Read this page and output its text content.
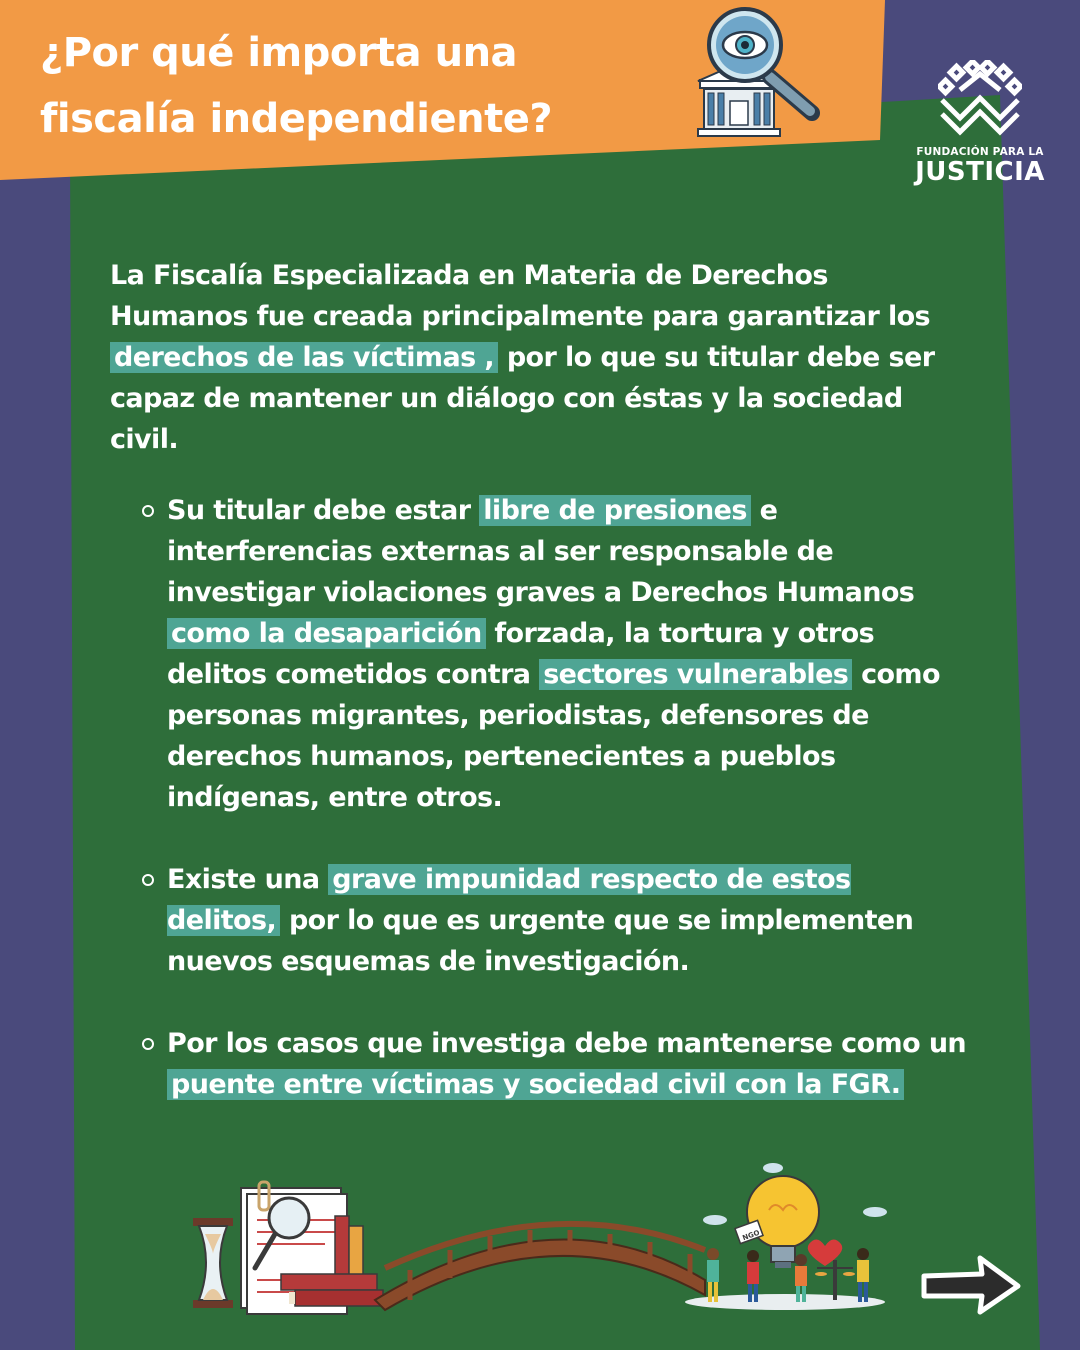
¿Por qué importa una fiscalía independiente?
FUNDACIÓN PARA LA
JUSTICIA

La Fiscalía Especializada en Materia de Derechos Humanos fue creada principalmente para garantizar los derechos de las víctimas , por lo que su titular debe ser capaz de mantener un diálogo con éstas y la sociedad civil.

Su titular debe estar libre de presiones e interferencias externas al ser responsable de investigar violaciones graves a Derechos Humanos como la desaparición forzada, la tortura y otros delitos cometidos contra sectores vulnerables como personas migrantes, periodistas, defensores de derechos humanos, pertenecientes a pueblos indígenas, entre otros.
Existe una grave impunidad respecto de estos delitos, por lo que es urgente que se implementen nuevos esquemas de investigación.
Por los casos que investiga debe mantenerse como un puente entre víctimas y sociedad civil con la FGR.
NGO
